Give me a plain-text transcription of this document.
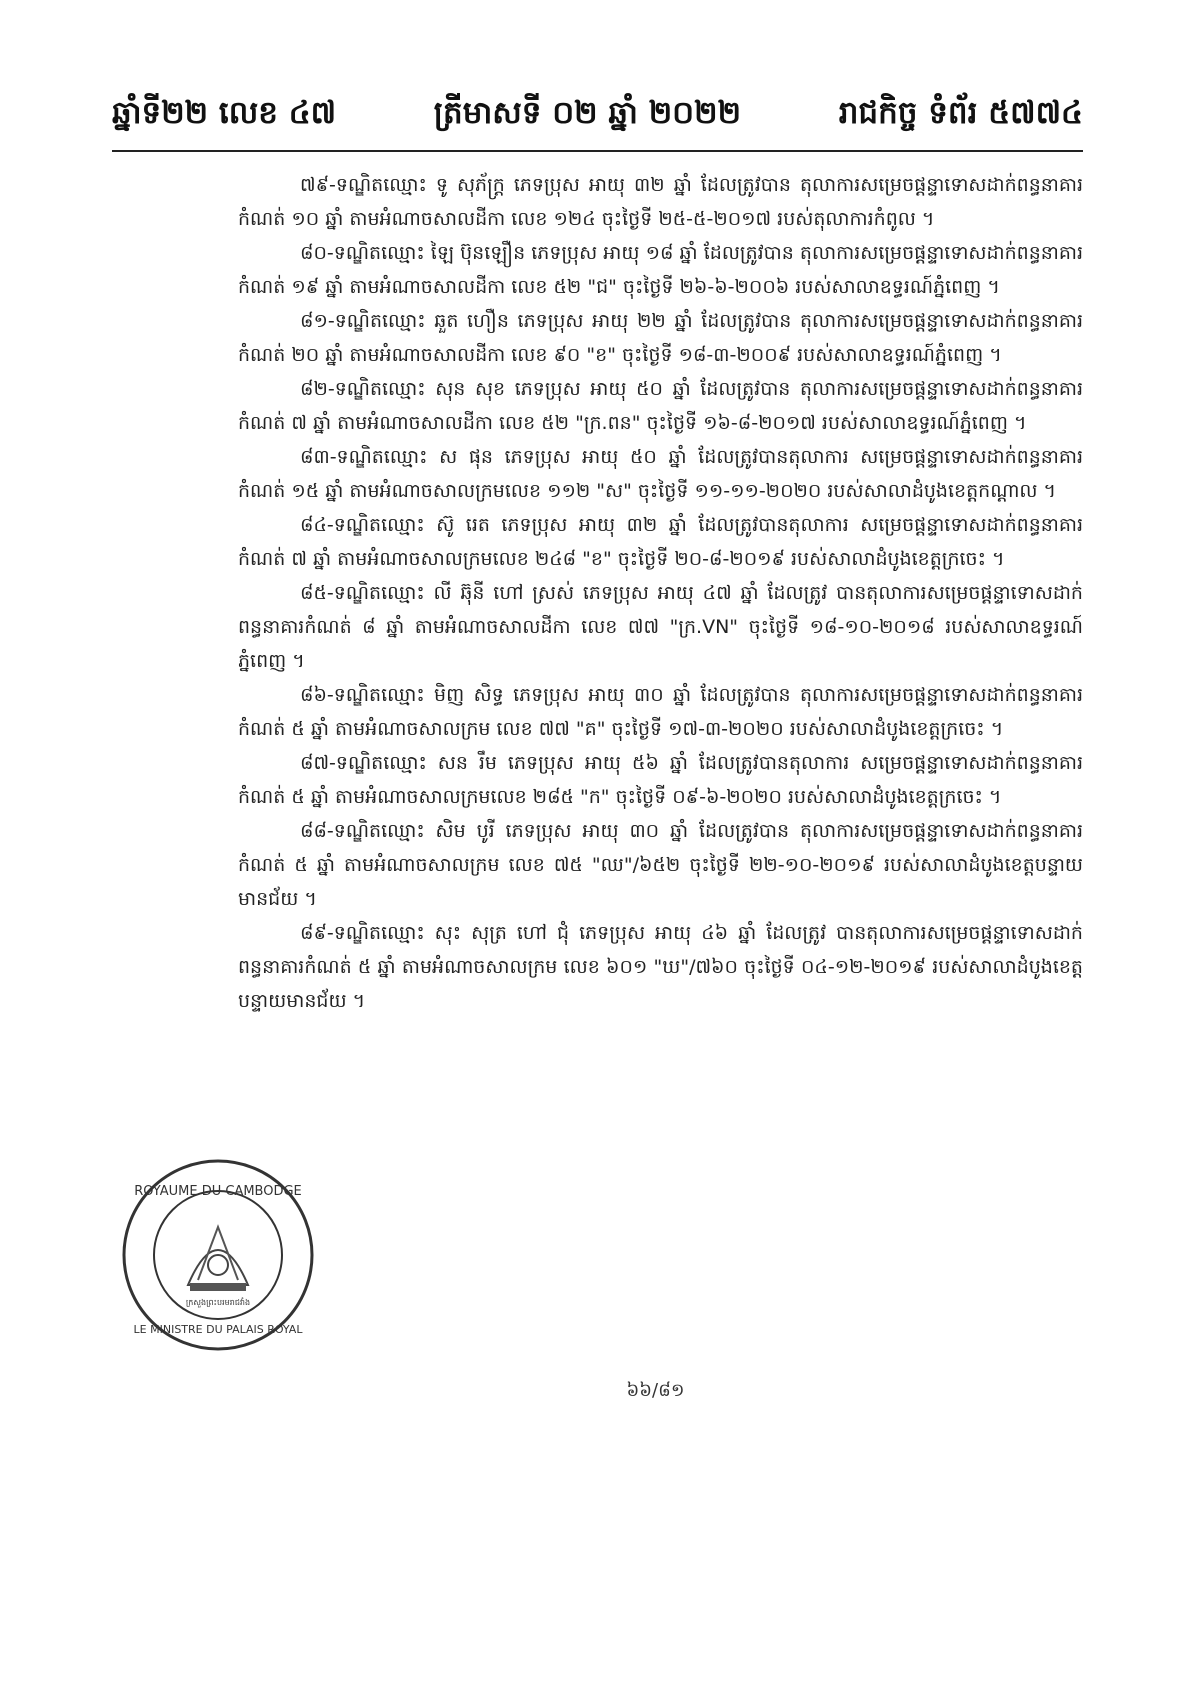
ឆ្នាំទី២២ លេខ ៤៧	ត្រីមាសទី ០២ ឆ្នាំ ២០២២	រាជកិច្ច ទំព័រ ៥៧៧៤

៧៩-ទណ្ឌិតឈ្មោះ ទូ សុភ័ក្ត្រ ភេទប្រុស អាយុ ៣២ ឆ្នាំ ដែលត្រូវបាន តុលាការសម្រេចផ្តន្ទាទោសដាក់ពន្ធនាគារកំណត់ ១០ ឆ្នាំ តាមអំណាចសាលដីកា លេខ ១២៤ ចុះថ្ងៃទី ២៥-៥-២០១៧ របស់តុលាការកំពូល ។

៨០-ទណ្ឌិតឈ្មោះ ឡៃ ប៊ុនឡឿន ភេទប្រុស អាយុ ១៨ ឆ្នាំ ដែលត្រូវបាន តុលាការសម្រេចផ្តន្ទាទោសដាក់ពន្ធនាគារកំណត់ ១៩ ឆ្នាំ តាមអំណាចសាលដីកា លេខ ៥២ "ជ" ចុះថ្ងៃទី ២៦-៦-២០០៦ របស់សាលាឧទ្ធរណ៍ភ្នំពេញ ។

៨១-ទណ្ឌិតឈ្មោះ ឆួត ហឿន ភេទប្រុស អាយុ ២២ ឆ្នាំ ដែលត្រូវបាន តុលាការសម្រេចផ្តន្ទាទោសដាក់ពន្ធនាគារកំណត់ ២០ ឆ្នាំ តាមអំណាចសាលដីកា លេខ ៩០ "ខ" ចុះថ្ងៃទី ១៨-៣-២០០៩ របស់សាលាឧទ្ធរណ៍ភ្នំពេញ ។

៨២-ទណ្ឌិតឈ្មោះ សុន សុខ ភេទប្រុស អាយុ ៥០ ឆ្នាំ ដែលត្រូវបាន តុលាការសម្រេចផ្តន្ទាទោសដាក់ពន្ធនាគារកំណត់ ៧ ឆ្នាំ តាមអំណាចសាលដីកា លេខ ៥២ "ក្រ.ពន" ចុះថ្ងៃទី ១៦-៨-២០១៧ របស់សាលាឧទ្ធរណ៍ភ្នំពេញ ។

៨៣-ទណ្ឌិតឈ្មោះ ស ផុន ភេទប្រុស អាយុ ៥០ ឆ្នាំ ដែលត្រូវបានតុលាការ សម្រេចផ្តន្ទាទោសដាក់ពន្ធនាគារកំណត់ ១៥ ឆ្នាំ តាមអំណាចសាលក្រមលេខ ១១២ "ស" ចុះថ្ងៃទី ១១-១១-២០២០ របស់សាលាដំបូងខេត្តកណ្តាល ។

៨៤-ទណ្ឌិតឈ្មោះ ស៊ូ រេត ភេទប្រុស អាយុ ៣២ ឆ្នាំ ដែលត្រូវបានតុលាការ សម្រេចផ្តន្ទាទោសដាក់ពន្ធនាគារកំណត់ ៧ ឆ្នាំ តាមអំណាចសាលក្រមលេខ ២៤៨ "ខ" ចុះថ្ងៃទី ២០-៨-២០១៩ របស់សាលាដំបូងខេត្តក្រចេះ ។

៨៥-ទណ្ឌិតឈ្មោះ លី ឆ៊ុនី ហៅ ស្រស់ ភេទប្រុស អាយុ ៤៧ ឆ្នាំ ដែលត្រូវ បានតុលាការសម្រេចផ្តន្ទាទោសដាក់ពន្ធនាគារកំណត់ ៨ ឆ្នាំ តាមអំណាចសាលដីកា លេខ ៧៧ "ក្រ.VN" ចុះថ្ងៃទី ១៨-១០-២០១៨ របស់សាលាឧទ្ធរណ៍ភ្នំពេញ ។

៨៦-ទណ្ឌិតឈ្មោះ មិញ សិទ្ធ ភេទប្រុស អាយុ ៣០ ឆ្នាំ ដែលត្រូវបាន តុលាការសម្រេចផ្តន្ទាទោសដាក់ពន្ធនាគារកំណត់ ៥ ឆ្នាំ តាមអំណាចសាលក្រម លេខ ៧៧ "គ" ចុះថ្ងៃទី ១៧-៣-២០២០ របស់សាលាដំបូងខេត្តក្រចេះ ។

៨៧-ទណ្ឌិតឈ្មោះ សន រឹម ភេទប្រុស អាយុ ៥៦ ឆ្នាំ ដែលត្រូវបានតុលាការ សម្រេចផ្តន្ទាទោសដាក់ពន្ធនាគារកំណត់ ៥ ឆ្នាំ តាមអំណាចសាលក្រមលេខ ២៨៥ "ក" ចុះថ្ងៃទី ០៩-៦-២០២០ របស់សាលាដំបូងខេត្តក្រចេះ ។

៨៨-ទណ្ឌិតឈ្មោះ សិម បូរី ភេទប្រុស អាយុ ៣០ ឆ្នាំ ដែលត្រូវបាន តុលាការសម្រេចផ្តន្ទាទោសដាក់ពន្ធនាគារកំណត់ ៥ ឆ្នាំ តាមអំណាចសាលក្រម លេខ ៧៥ "ឈ"/៦៥២ ចុះថ្ងៃទី ២២-១០-២០១៩ របស់សាលាដំបូងខេត្តបន្ទាយមានជ័យ ។

៨៩-ទណ្ឌិតឈ្មោះ សុះ សុត្រ ហៅ ជុំ ភេទប្រុស អាយុ ៤៦ ឆ្នាំ ដែលត្រូវ បានតុលាការសម្រេចផ្តន្ទាទោសដាក់ពន្ធនាគារកំណត់ ៥ ឆ្នាំ តាមអំណាចសាលក្រម លេខ ៦០១ "ឃ"/៧៦០ ចុះថ្ងៃទី ០៤-១២-២០១៩ របស់សាលាដំបូងខេត្តបន្ទាយមានជ័យ ។

៦៦/៨១
ROYAUME DU CAMBODGE
LE MINISTRE DU PALAIS ROYAL
ក្រសួងព្រះបរមរាជវាំង
